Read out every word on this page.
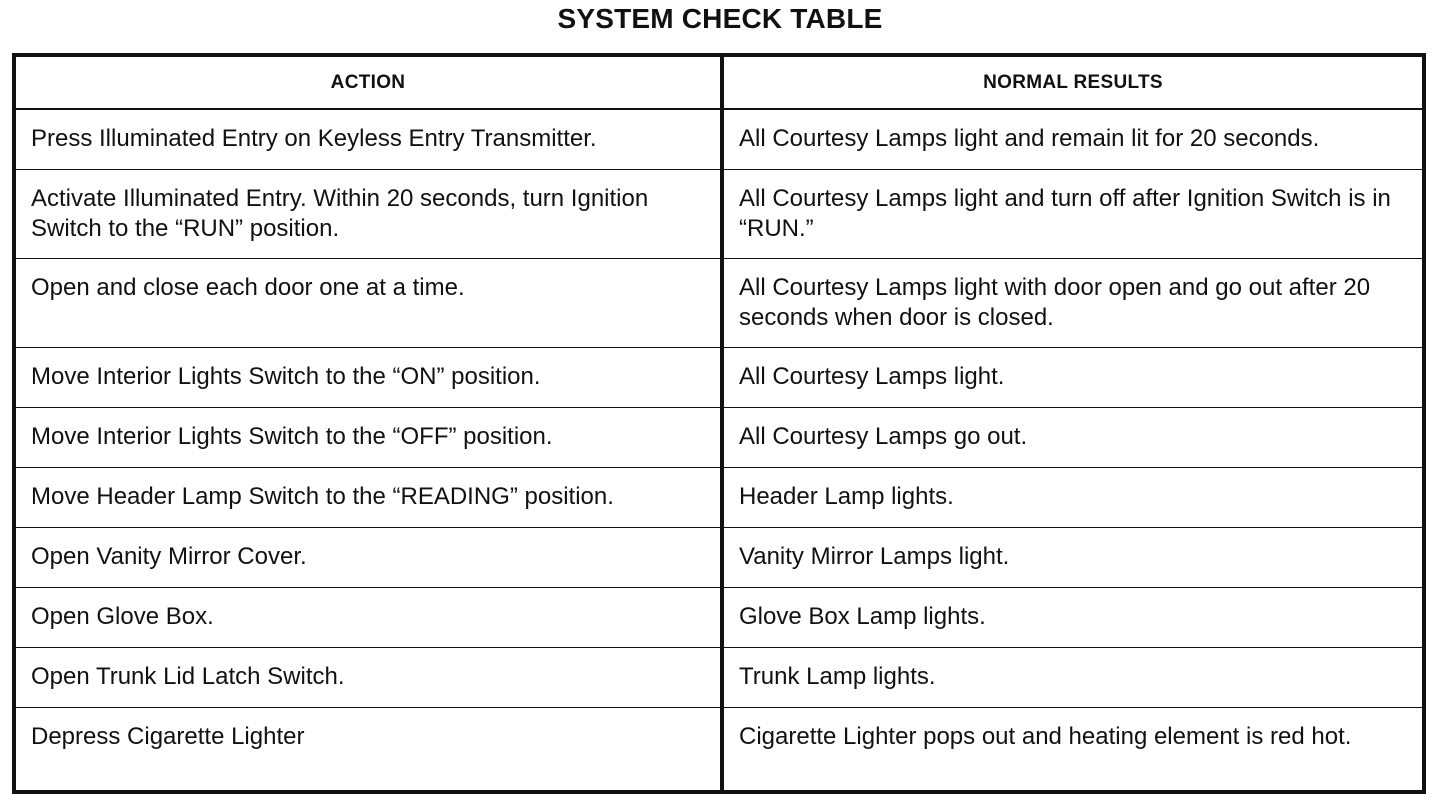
SYSTEM CHECK TABLE
ACTION	NORMAL RESULTS
Press Illuminated Entry on Keyless Entry Transmitter.	All Courtesy Lamps light and remain lit for 20 seconds.
Activate Illuminated Entry. Within 20 seconds, turn Ignition Switch to the “RUN” position.	All Courtesy Lamps light and turn off after Ignition Switch is in “RUN.”
Open and close each door one at a time.	All Courtesy Lamps light with door open and go out after 20 seconds when door is closed.
Move Interior Lights Switch to the “ON” position.	All Courtesy Lamps light.
Move Interior Lights Switch to the “OFF” position.	All Courtesy Lamps go out.
Move Header Lamp Switch to the “READING” position.	Header Lamp lights.
Open Vanity Mirror Cover.	Vanity Mirror Lamps light.
Open Glove Box.	Glove Box Lamp lights.
Open Trunk Lid Latch Switch.	Trunk Lamp lights.
Depress Cigarette Lighter	Cigarette Lighter pops out and heating element is red hot.
